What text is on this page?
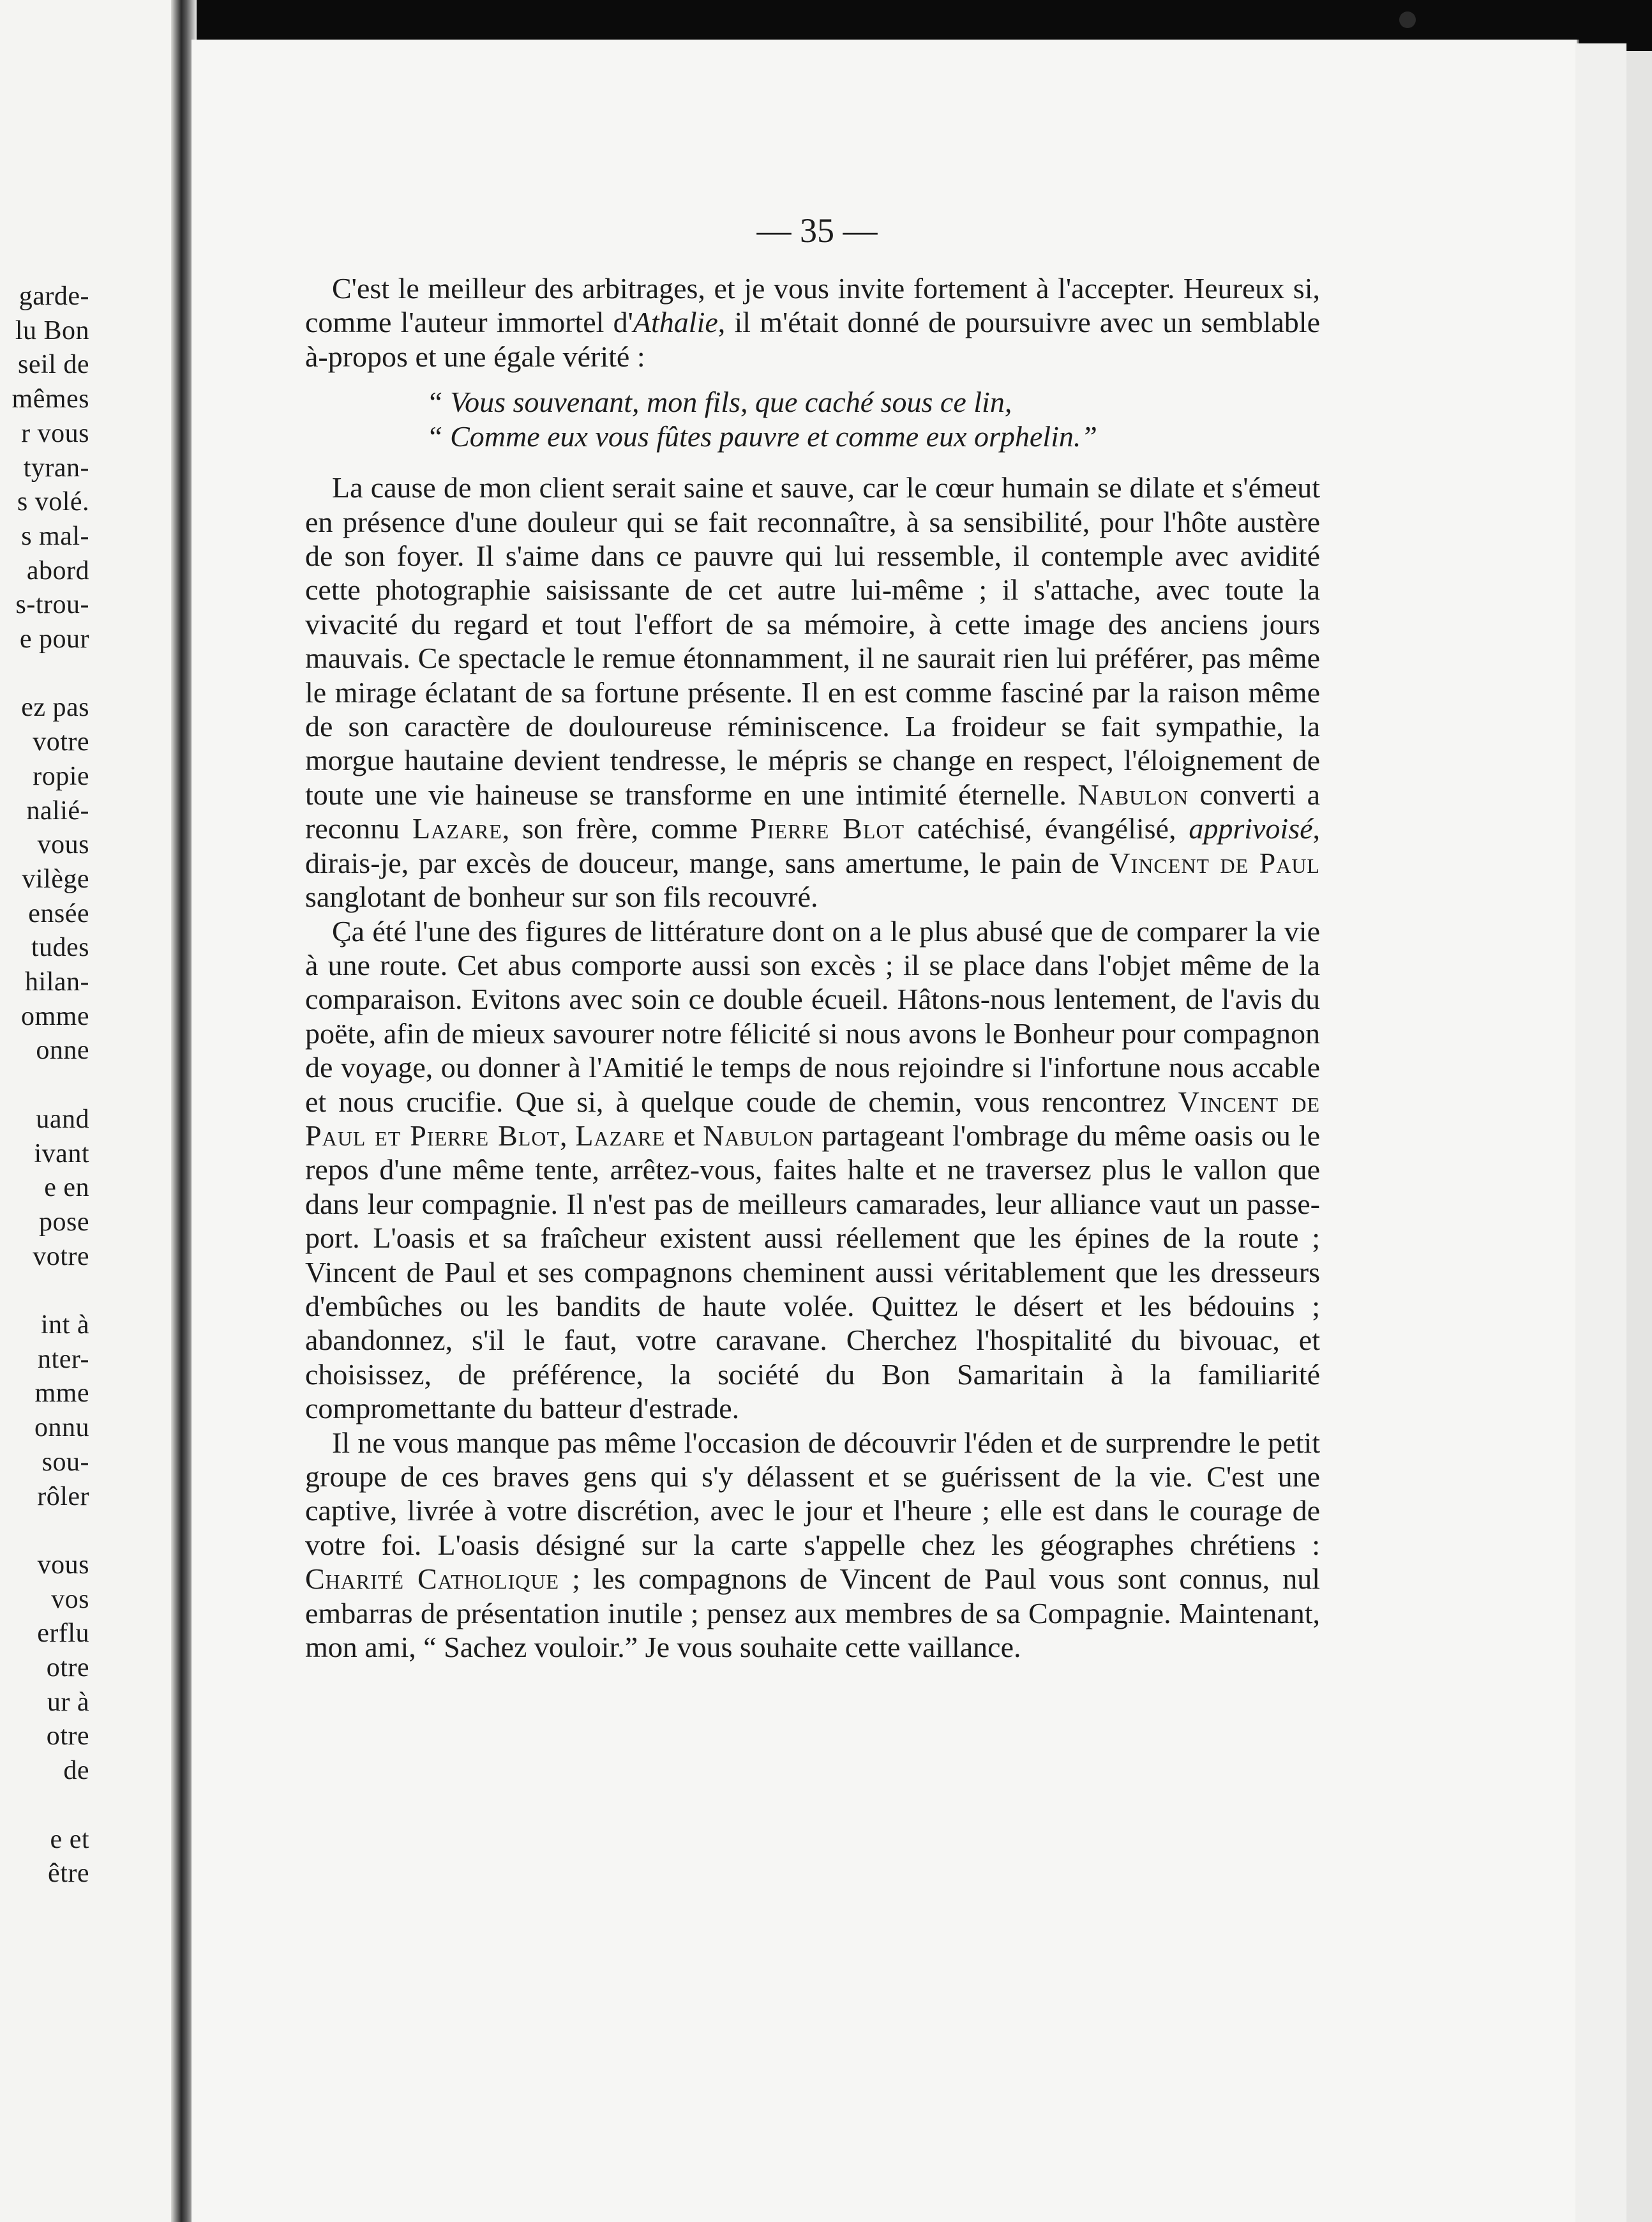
garde-
lu Bon
seil de
mêmes
r vous
tyran-
s volé.
s mal-
abord
s-trou-
e pour
ez pas
votre
ropie
nalié-
vous
vilège
ensée
tudes
hilan-
omme
onne
uand
ivant
e en
pose
votre
int à
nter-
mme
onnu
sou-
rôler
vous
vos
erflu
otre
ur à
otre
de
e et
être
— 35 —

C'est le meilleur des arbitrages, et je vous invite fortement à l'accepter. Heureux si, comme l'auteur immortel d'Athalie, il m'était donné de poursuivre avec un semblable à-propos et une égale vérité :

“ Vous souvenant, mon fils, que caché sous ce lin,
“ Comme eux vous fûtes pauvre et comme eux orphelin.”

La cause de mon client serait saine et sauve, car le cœur humain se dilate et s'émeut en présence d'une douleur qui se fait reconnaître, à sa sensibilité, pour l'hôte austère de son foyer. Il s'aime dans ce pauvre qui lui ressemble, il contemple avec avidité cette photographie saisissante de cet autre lui-même ; il s'attache, avec toute la vivacité du regard et tout l'effort de sa mémoire, à cette image des anciens jours mauvais. Ce spectacle le remue étonnamment, il ne saurait rien lui préférer, pas même le mirage éclatant de sa fortune présente. Il en est comme fasciné par la raison même de son caractère de douloureuse réminiscence. La froideur se fait sympathie, la morgue hautaine devient tendresse, le mépris se change en respect, l'éloignement de toute une vie haineuse se transforme en une intimité éternelle. Nabulon converti a reconnu Lazare, son frère, comme Pierre Blot catéchisé, évangélisé, apprivoisé, dirais-je, par excès de douceur, mange, sans amertume, le pain de Vincent de Paul sanglotant de bonheur sur son fils recouvré.

Ça été l'une des figures de littérature dont on a le plus abusé que de comparer la vie à une route. Cet abus comporte aussi son excès ; il se place dans l'objet même de la comparaison. Evitons avec soin ce double écueil. Hâtons-nous lentement, de l'avis du poëte, afin de mieux savourer notre félicité si nous avons le Bonheur pour compagnon de voyage, ou donner à l'Amitié le temps de nous rejoindre si l'infortune nous accable et nous crucifie. Que si, à quelque coude de chemin, vous rencontrez Vincent de Paul et Pierre Blot, Lazare et Nabulon partageant l'ombrage du même oasis ou le repos d'une même tente, arrêtez-vous, faites halte et ne traversez plus le vallon que dans leur compagnie. Il n'est pas de meilleurs camarades, leur alliance vaut un passe-port. L'oasis et sa fraîcheur existent aussi réellement que les épines de la route ; Vincent de Paul et ses compagnons cheminent aussi véritablement que les dresseurs d'embûches ou les bandits de haute volée. Quittez le désert et les bédouins ; abandonnez, s'il le faut, votre caravane. Cherchez l'hospitalité du bivouac, et choisissez, de préférence, la société du Bon Samaritain à la familiarité compromettante du batteur d'estrade.

Il ne vous manque pas même l'occasion de découvrir l'éden et de surprendre le petit groupe de ces braves gens qui s'y délassent et se guérissent de la vie. C'est une captive, livrée à votre discrétion, avec le jour et l'heure ; elle est dans le courage de votre foi. L'oasis désigné sur la carte s'appelle chez les géographes chrétiens : Charité Catholique ; les compagnons de Vincent de Paul vous sont connus, nul embarras de présentation inutile ; pensez aux membres de sa Compagnie. Maintenant, mon ami, “ Sachez vouloir.” Je vous souhaite cette vaillance.
